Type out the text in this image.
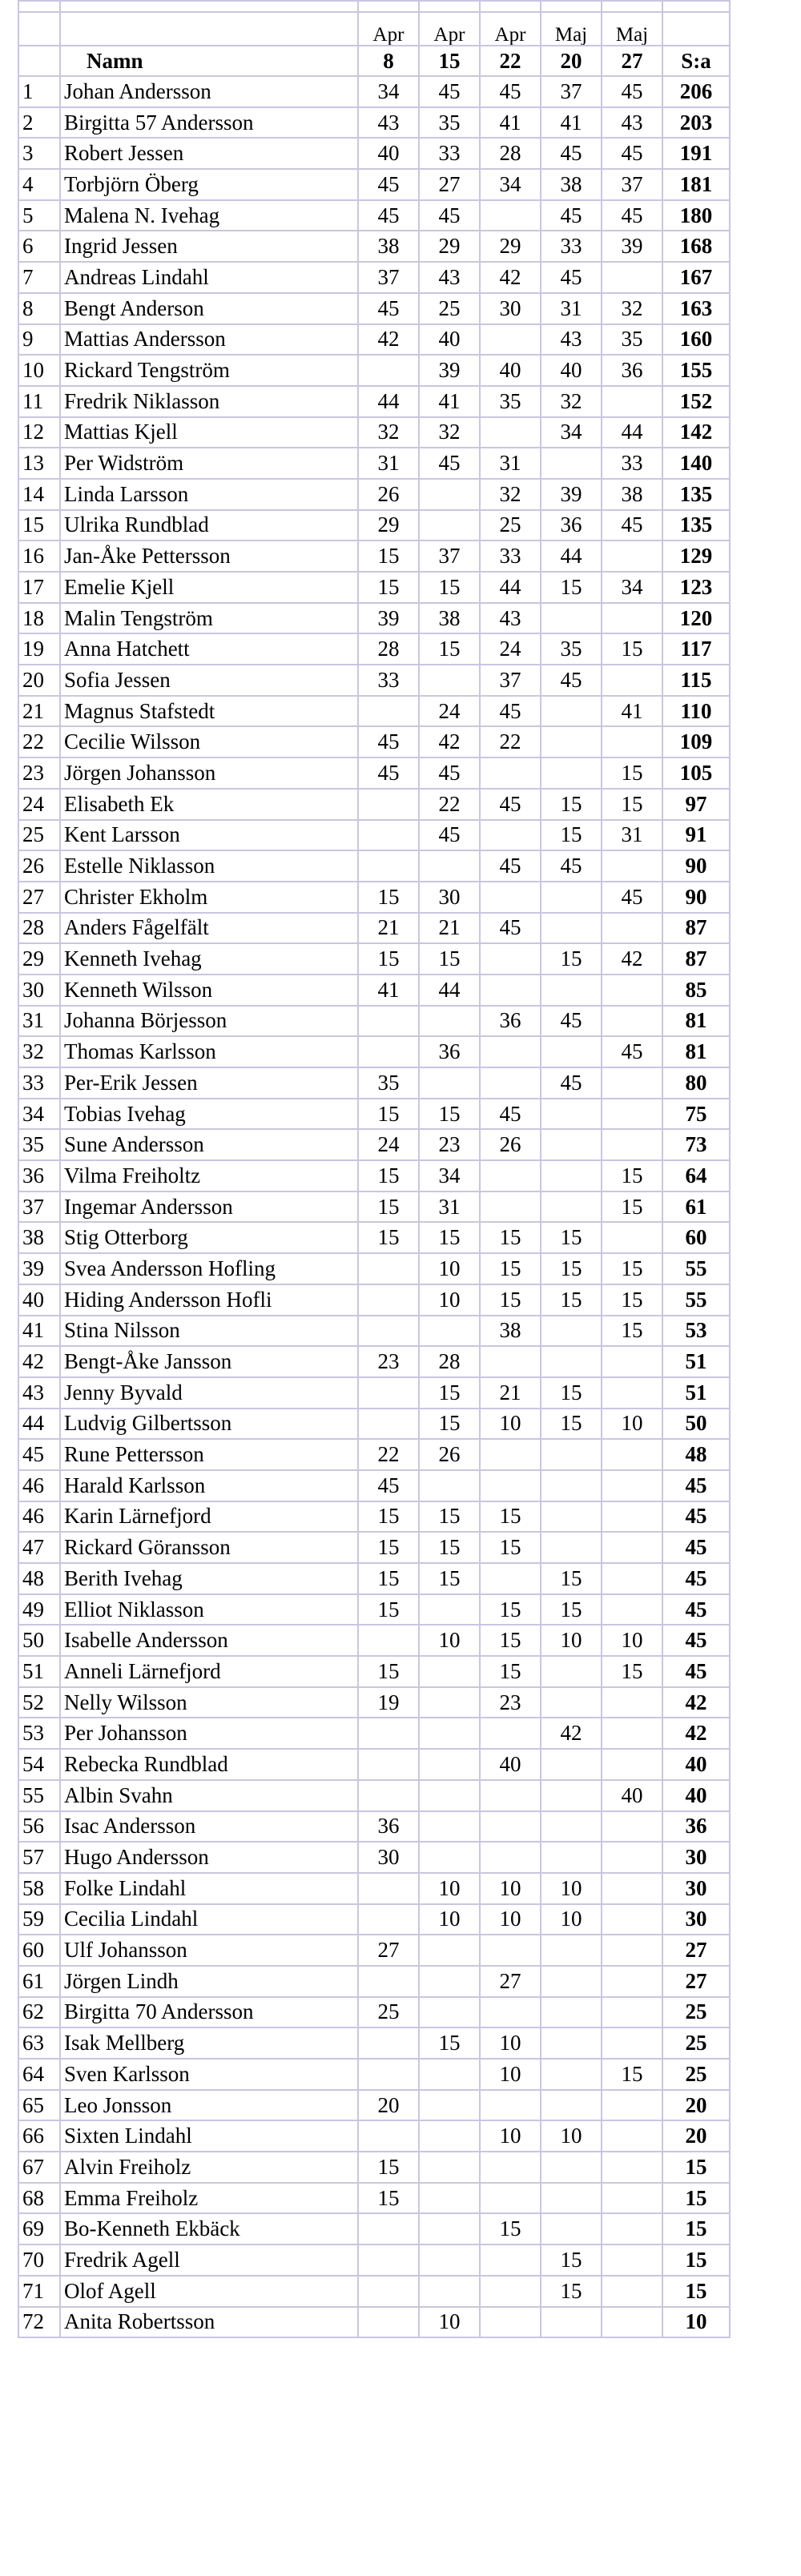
		Apr	Apr	Apr	Maj	Maj	
	Namn	8	15	22	20	27	S:a
1	Johan Andersson	34	45	45	37	45	206
2	Birgitta 57 Andersson	43	35	41	41	43	203
3	Robert Jessen	40	33	28	45	45	191
4	Torbjörn Öberg	45	27	34	38	37	181
5	Malena N. Ivehag	45	45		45	45	180
6	Ingrid Jessen	38	29	29	33	39	168
7	Andreas Lindahl	37	43	42	45		167
8	Bengt Anderson	45	25	30	31	32	163
9	Mattias Andersson	42	40		43	35	160
10	Rickard Tengström		39	40	40	36	155
11	Fredrik Niklasson	44	41	35	32		152
12	Mattias Kjell	32	32		34	44	142
13	Per Widström	31	45	31		33	140
14	Linda Larsson	26		32	39	38	135
15	Ulrika Rundblad	29		25	36	45	135
16	Jan-Åke Pettersson	15	37	33	44		129
17	Emelie Kjell	15	15	44	15	34	123
18	Malin Tengström	39	38	43			120
19	Anna Hatchett	28	15	24	35	15	117
20	Sofia Jessen	33		37	45		115
21	Magnus Stafstedt		24	45		41	110
22	Cecilie Wilsson	45	42	22			109
23	Jörgen Johansson	45	45			15	105
24	Elisabeth Ek		22	45	15	15	97
25	Kent Larsson		45		15	31	91
26	Estelle Niklasson			45	45		90
27	Christer Ekholm	15	30			45	90
28	Anders Fågelfält	21	21	45			87
29	Kenneth Ivehag	15	15		15	42	87
30	Kenneth Wilsson	41	44				85
31	Johanna Börjesson			36	45		81
32	Thomas Karlsson		36			45	81
33	Per-Erik Jessen	35			45		80
34	Tobias Ivehag	15	15	45			75
35	Sune Andersson	24	23	26			73
36	Vilma Freiholtz	15	34			15	64
37	Ingemar Andersson	15	31			15	61
38	Stig Otterborg	15	15	15	15		60
39	Svea Andersson Hofling		10	15	15	15	55
40	Hiding Andersson Hofli		10	15	15	15	55
41	Stina Nilsson			38		15	53
42	Bengt-Åke Jansson	23	28				51
43	Jenny Byvald		15	21	15		51
44	Ludvig Gilbertsson		15	10	15	10	50
45	Rune Pettersson	22	26				48
46	Harald Karlsson	45					45
46	Karin Lärnefjord	15	15	15			45
47	Rickard Göransson	15	15	15			45
48	Berith Ivehag	15	15		15		45
49	Elliot Niklasson	15		15	15		45
50	Isabelle Andersson		10	15	10	10	45
51	Anneli Lärnefjord	15		15		15	45
52	Nelly Wilsson	19		23			42
53	Per Johansson				42		42
54	Rebecka Rundblad			40			40
55	Albin Svahn					40	40
56	Isac Andersson	36					36
57	Hugo Andersson	30					30
58	Folke Lindahl		10	10	10		30
59	Cecilia Lindahl		10	10	10		30
60	Ulf Johansson	27					27
61	Jörgen Lindh			27			27
62	Birgitta 70 Andersson	25					25
63	Isak Mellberg		15	10			25
64	Sven Karlsson			10		15	25
65	Leo Jonsson	20					20
66	Sixten Lindahl			10	10		20
67	Alvin Freiholz	15					15
68	Emma Freiholz	15					15
69	Bo-Kenneth Ekbäck			15			15
70	Fredrik Agell				15		15
71	Olof Agell				15		15
72	Anita Robertsson		10				10
